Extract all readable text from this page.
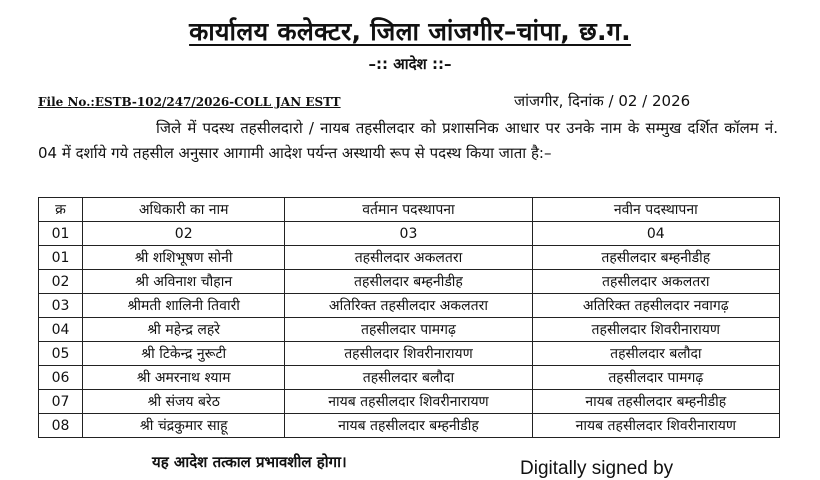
कार्यालय कलेक्टर, जिला जांजगीर–चांपा, छ.ग.
–:: आदेश ::–
File No.:ESTB-102/247/2026-COLL JAN ESTT	जांजगीर, दिनांक / 02 / 2026
जिले में पदस्थ तहसीलदारो / नायब तहसीलदार को प्रशासनिक आधार पर उनके नाम के सम्मुख दर्शित कॉलम नं. 04 में दर्शाये गये तहसील अनुसार आगामी आदेश पर्यन्त अस्थायी रूप से पदस्थ किया जाता है:–
क्र	अधिकारी का नाम	वर्तमान पदस्थापना	नवीन पदस्थापना
01	02	03	04
01	श्री शशिभूषण सोनी	तहसीलदार अकलतरा	तहसीलदार बम्हनीडीह
02	श्री अविनाश चौहान	तहसीलदार बम्हनीडीह	तहसीलदार अकलतरा
03	श्रीमती शालिनी तिवारी	अतिरिक्त तहसीलदार अकलतरा	अतिरिक्त तहसीलदार नवागढ़
04	श्री महेन्द्र लहरे	तहसीलदार पामगढ़	तहसीलदार शिवरीनारायण
05	श्री टिकेन्द्र नुरूटी	तहसीलदार शिवरीनारायण	तहसीलदार बलौदा
06	श्री अमरनाथ श्याम	तहसीलदार बलौदा	तहसीलदार पामगढ़
07	श्री संजय बरेठ	नायब तहसीलदार शिवरीनारायण	नायब तहसीलदार बम्हनीडीह
08	श्री चंद्रकुमार साहू	नायब तहसीलदार बम्हनीडीह	नायब तहसीलदार शिवरीनारायण
यह आदेश तत्काल प्रभावशील होगा।	Digitally signed by
